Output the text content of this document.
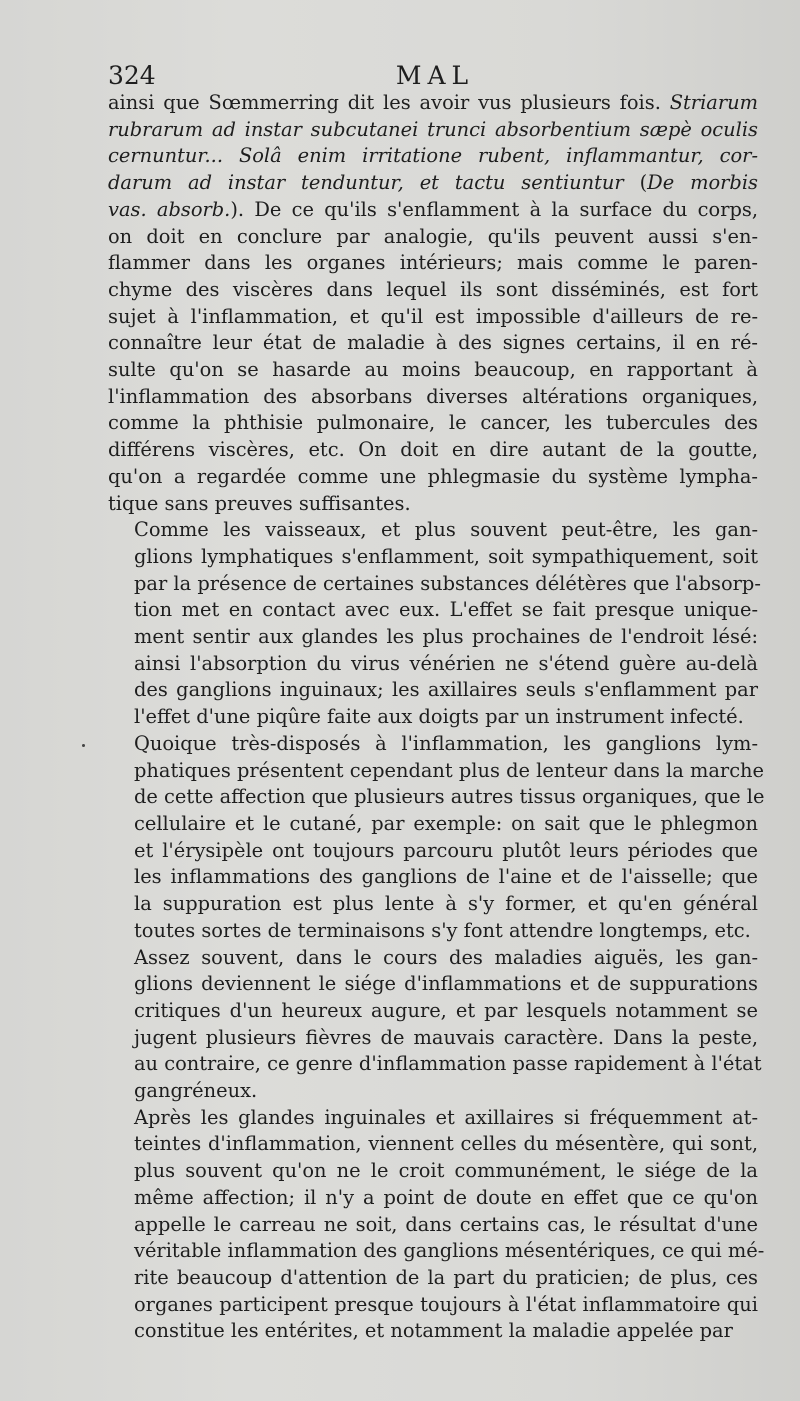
324	MAL
ainsi que Sœmmerring dit les avoir vus plusieurs fois. Striarum
rubrarum ad instar subcutanei trunci absorbentium sæpè oculis
cernuntur... Solâ enim irritatione rubent, inflammantur, cor-
darum ad instar tenduntur, et tactu sentiuntur (De morbis
vas. absorb.). De ce qu'ils s'enflamment à la surface du corps,
on doit en conclure par analogie, qu'ils peuvent aussi s'en-
flammer dans les organes intérieurs; mais comme le paren-
chyme des viscères dans lequel ils sont disséminés, est fort
sujet à l'inflammation, et qu'il est impossible d'ailleurs de re-
connaître leur état de maladie à des signes certains, il en ré-
sulte qu'on se hasarde au moins beaucoup, en rapportant à
l'inflammation des absorbans diverses altérations organiques,
comme la phthisie pulmonaire, le cancer, les tubercules des
différens viscères, etc. On doit en dire autant de la goutte,
qu'on a regardée comme une phlegmasie du système lympha-
tique sans preuves suffisantes.
Comme les vaisseaux, et plus souvent peut-être, les gan-
glions lymphatiques s'enflamment, soit sympathiquement, soit
par la présence de certaines substances délétères que l'absorp-
tion met en contact avec eux. L'effet se fait presque unique-
ment sentir aux glandes les plus prochaines de l'endroit lésé:
ainsi l'absorption du virus vénérien ne s'étend guère au-delà
des ganglions inguinaux; les axillaires seuls s'enflamment par
l'effet d'une piqûre faite aux doigts par un instrument infecté.
Quoique très-disposés à l'inflammation, les ganglions lym-
phatiques présentent cependant plus de lenteur dans la marche
de cette affection que plusieurs autres tissus organiques, que le
cellulaire et le cutané, par exemple: on sait que le phlegmon
et l'érysipèle ont toujours parcouru plutôt leurs périodes que
les inflammations des ganglions de l'aine et de l'aisselle; que
la suppuration est plus lente à s'y former, et qu'en général
toutes sortes de terminaisons s'y font attendre longtemps, etc.
Assez souvent, dans le cours des maladies aiguës, les gan-
glions deviennent le siége d'inflammations et de suppurations
critiques d'un heureux augure, et par lesquels notamment se
jugent plusieurs fièvres de mauvais caractère. Dans la peste,
au contraire, ce genre d'inflammation passe rapidement à l'état
gangréneux.
Après les glandes inguinales et axillaires si fréquemment at-
teintes d'inflammation, viennent celles du mésentère, qui sont,
plus souvent qu'on ne le croit communément, le siége de la
même affection; il n'y a point de doute en effet que ce qu'on
appelle le carreau ne soit, dans certains cas, le résultat d'une
véritable inflammation des ganglions mésentériques, ce qui mé-
rite beaucoup d'attention de la part du praticien; de plus, ces
organes participent presque toujours à l'état inflammatoire qui
constitue les entérites, et notamment la maladie appelée par
